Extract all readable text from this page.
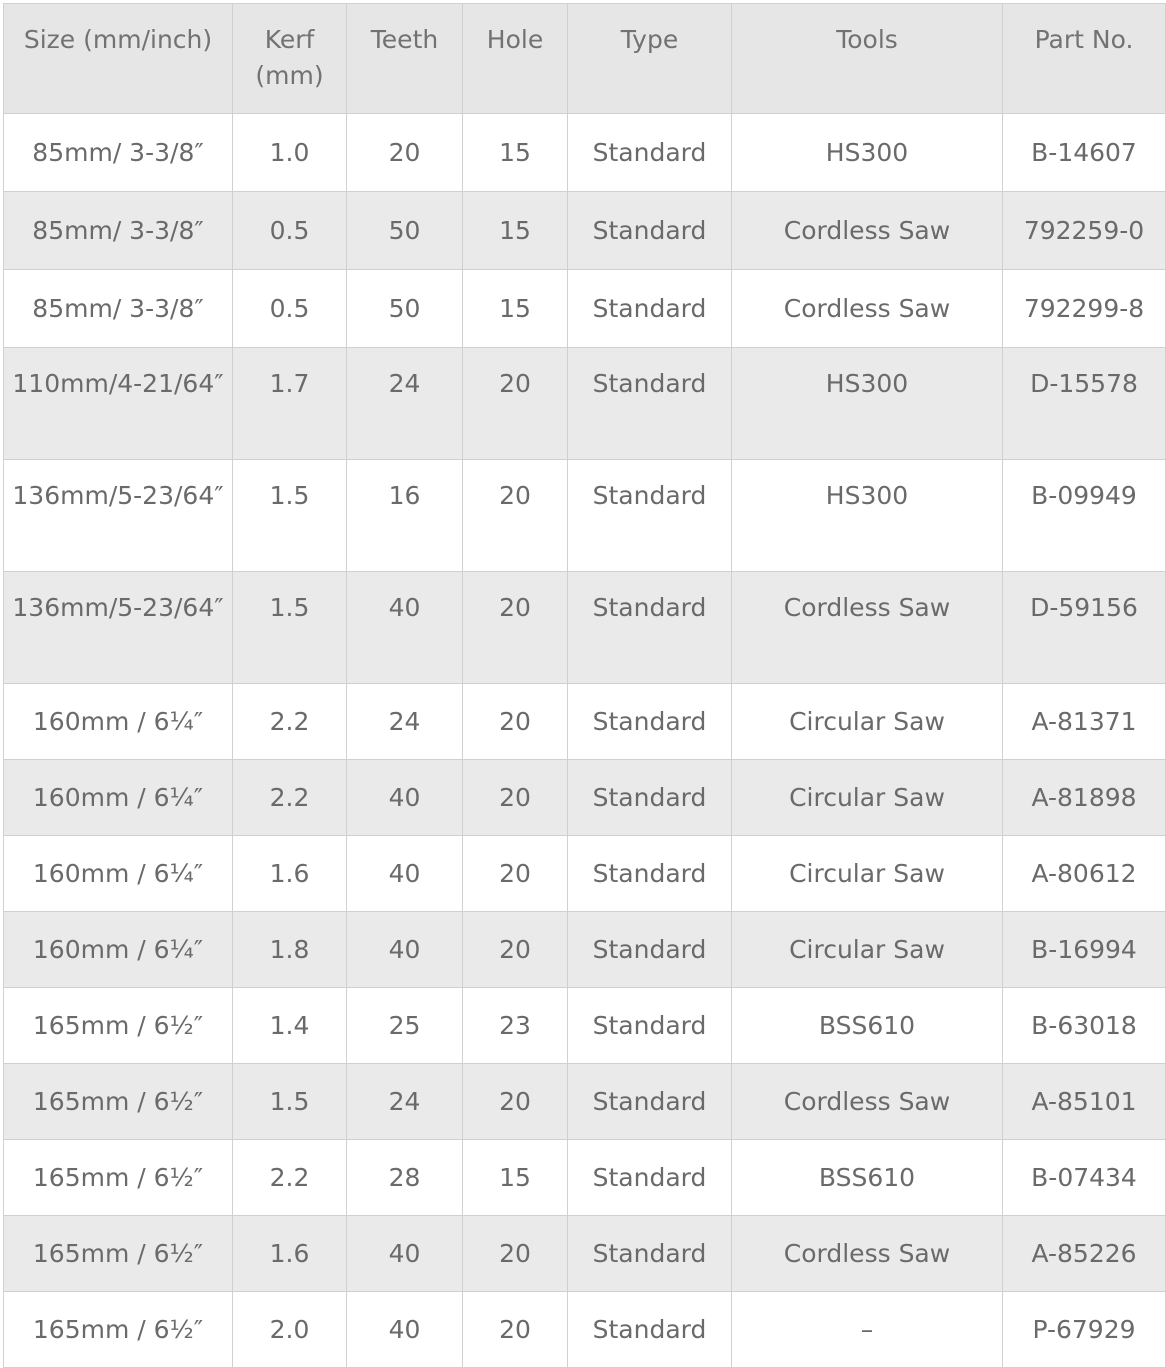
Size (mm/inch)	Kerf (mm)	Teeth	Hole	Type	Tools	Part No.
85mm/ 3-3/8″	1.0	20	15	Standard	HS300	B-14607
85mm/ 3-3/8″	0.5	50	15	Standard	Cordless Saw	792259-0
85mm/ 3-3/8″	0.5	50	15	Standard	Cordless Saw	792299-8
110mm/4-21/64″	1.7	24	20	Standard	HS300	D-15578
136mm/5-23/64″	1.5	16	20	Standard	HS300	B-09949
136mm/5-23/64″	1.5	40	20	Standard	Cordless Saw	D-59156
160mm / 6¼″	2.2	24	20	Standard	Circular Saw	A-81371
160mm / 6¼″	2.2	40	20	Standard	Circular Saw	A-81898
160mm / 6¼″	1.6	40	20	Standard	Circular Saw	A-80612
160mm / 6¼″	1.8	40	20	Standard	Circular Saw	B-16994
165mm / 6½″	1.4	25	23	Standard	BSS610	B-63018
165mm / 6½″	1.5	24	20	Standard	Cordless Saw	A-85101
165mm / 6½″	2.2	28	15	Standard	BSS610	B-07434
165mm / 6½″	1.6	40	20	Standard	Cordless Saw	A-85226
165mm / 6½″	2.0	40	20	Standard	–	P-67929
